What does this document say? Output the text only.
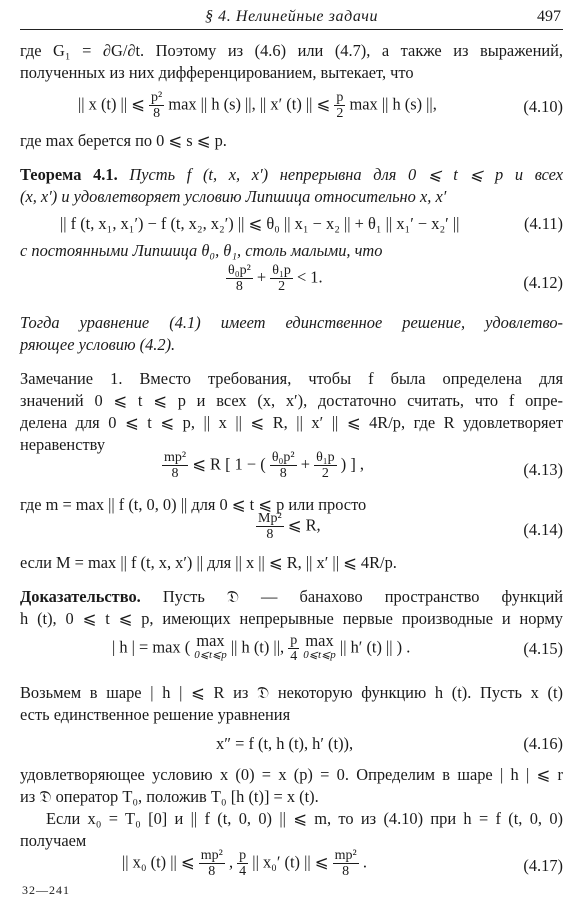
§ 4. Нелинейные задачи	497
где G₁ = ∂G/∂t. Поэтому из (4.6) или (4.7), а также из выражений,
полученных из них дифференцированием, вытекает, что
|| x (t) || ⩽ $\frac{\text{p²}}{8}$ max || h (s) ||, || x′ (t) || ⩽ $\frac{p}{2}$ max || h (s) ||,	(4.10)
где max берется по 0 ⩽ s ⩽ p.
Теорема 4.1. Пусть f (t, x, x′) непрерывна для 0 ⩽ t ⩽ p и всех
(x, x′) и удовлетворяет условию Липшица относительно x, x′
|| f (t, x₁, x₁′) − f (t, x₂, x₂′) || ⩽ θ₀ || x₁ − x₂ || + θ₁ || x₁′ − x₂′ ||	(4.11)
с постоянными Липшица θ₀, θ₁, столь малыми, что
$\frac{\text{θ₀p²}}{8} + \frac{\text{θ₁p}}{2} < 1$.	(4.12)
Тогда уравнение (4.1) имеет единственное решение, удовлетво-
ряющее условию (4.2).
Замечание 1. Вместо требования, чтобы f была определена для
значений 0 ⩽ t ⩽ p и всех (x, x′), достаточно считать, что f опре-
делена для 0 ⩽ t ⩽ p, || x || ⩽ R, || x′ || ⩽ 4R/p, где R удовлетворяет
неравенству
$\frac{\text{mp²}}{8}$ ⩽ R [ 1 − ( $\frac{\text{θ₀p²}}{8} + \frac{\text{θ₁p}}{2}$ ) ] ,	(4.13)
где m = max || f (t, 0, 0) || для 0 ⩽ t ⩽ p или просто
$\frac{\text{Mp²}}{8}$ ⩽ R,	(4.14)
если M = max || f (t, x, x′) || для || x || ⩽ R, || x′ || ⩽ 4R/p.
Доказательство. Пусть 𝔇 — банахово пространство функций
h (t), 0 ⩽ t ⩽ p, имеющих непрерывные первые производные и норму
| h | = max ( max
0⩽t⩽p || h (t) ||, $\frac{p}{4}$ max
0⩽t⩽p || h′ (t) || ) .	(4.15)
Возьмем в шаре | h | ⩽ R из 𝔇 некоторую функцию h (t). Пусть x (t)
есть единственное решение уравнения
x″ = f (t, h (t), h′ (t)),	(4.16)
удовлетворяющее условию x (0) = x (p) = 0. Определим в шаре | h | ⩽ r
из 𝔇 оператор T₀, положив T₀ [h (t)] = x (t).
Если x₀ = T₀ [0] и || f (t, 0, 0) || ⩽ m, то из (4.10) при h = f (t, 0, 0)
получаем
|| x₀ (t) || ⩽ $\frac{\text{mp²}}{8}$ , $\frac{p}{4}$ || x₀′ (t) || ⩽ $\frac{\text{mp²}}{8}$ .	(4.17)
32—241
